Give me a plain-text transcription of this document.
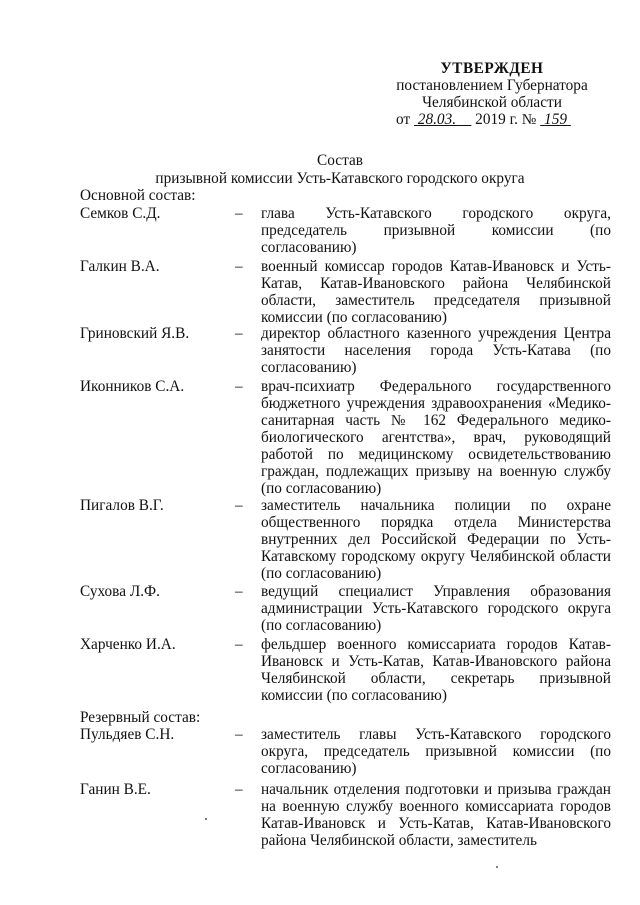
УТВЕРЖДЕН
постановлением Губернатора
Челябинской области
от 28.03. 2019 г. № 159
Состав
призывной комиссии Усть-Катавского городского округа
Основной состав:
Семков С.Д.	– глава Усть-Катавского городского округа, председатель призывной комиссии (по согласованию)
Галкин В.А.	– военный комиссар городов Катав-Ивановск и Усть-Катав, Катав-Ивановского района Челябинской области, заместитель председателя призывной комиссии (по согласованию)
Гриновский Я.В.	– директор областного казенного учреждения Центра занятости населения города Усть-Катава (по согласованию)
Иконников С.А.	– врач-психиатр Федерального государственного бюджетного учреждения здравоохранения «Медико-санитарная часть № 162 Федерального медико-биологического агентства», врач, руководящий работой по медицинскому освидетельствованию граждан, подлежащих призыву на военную службу (по согласованию)
Пигалов В.Г.	– заместитель начальника полиции по охране общественного порядка отдела Министерства внутренних дел Российской Федерации по Усть-Катавскому городскому округу Челябинской области (по согласованию)
Сухова Л.Ф.	– ведущий специалист Управления образования администрации Усть-Катавского городского округа (по согласованию)
Харченко И.А.	– фельдшер военного комиссариата городов Катав-Ивановск и Усть-Катав, Катав-Ивановского района Челябинской области, секретарь призывной комиссии (по согласованию)
Резервный состав:
Пульдяев С.Н.	– заместитель главы Усть-Катавского городского округа, председатель призывной комиссии (по согласованию)
Ганин В.Е.	– начальник отделения подготовки и призыва граждан на военную службу военного комиссариата городов Катав-Ивановск и Усть-Катав, Катав-Ивановского района Челябинской области, заместитель
